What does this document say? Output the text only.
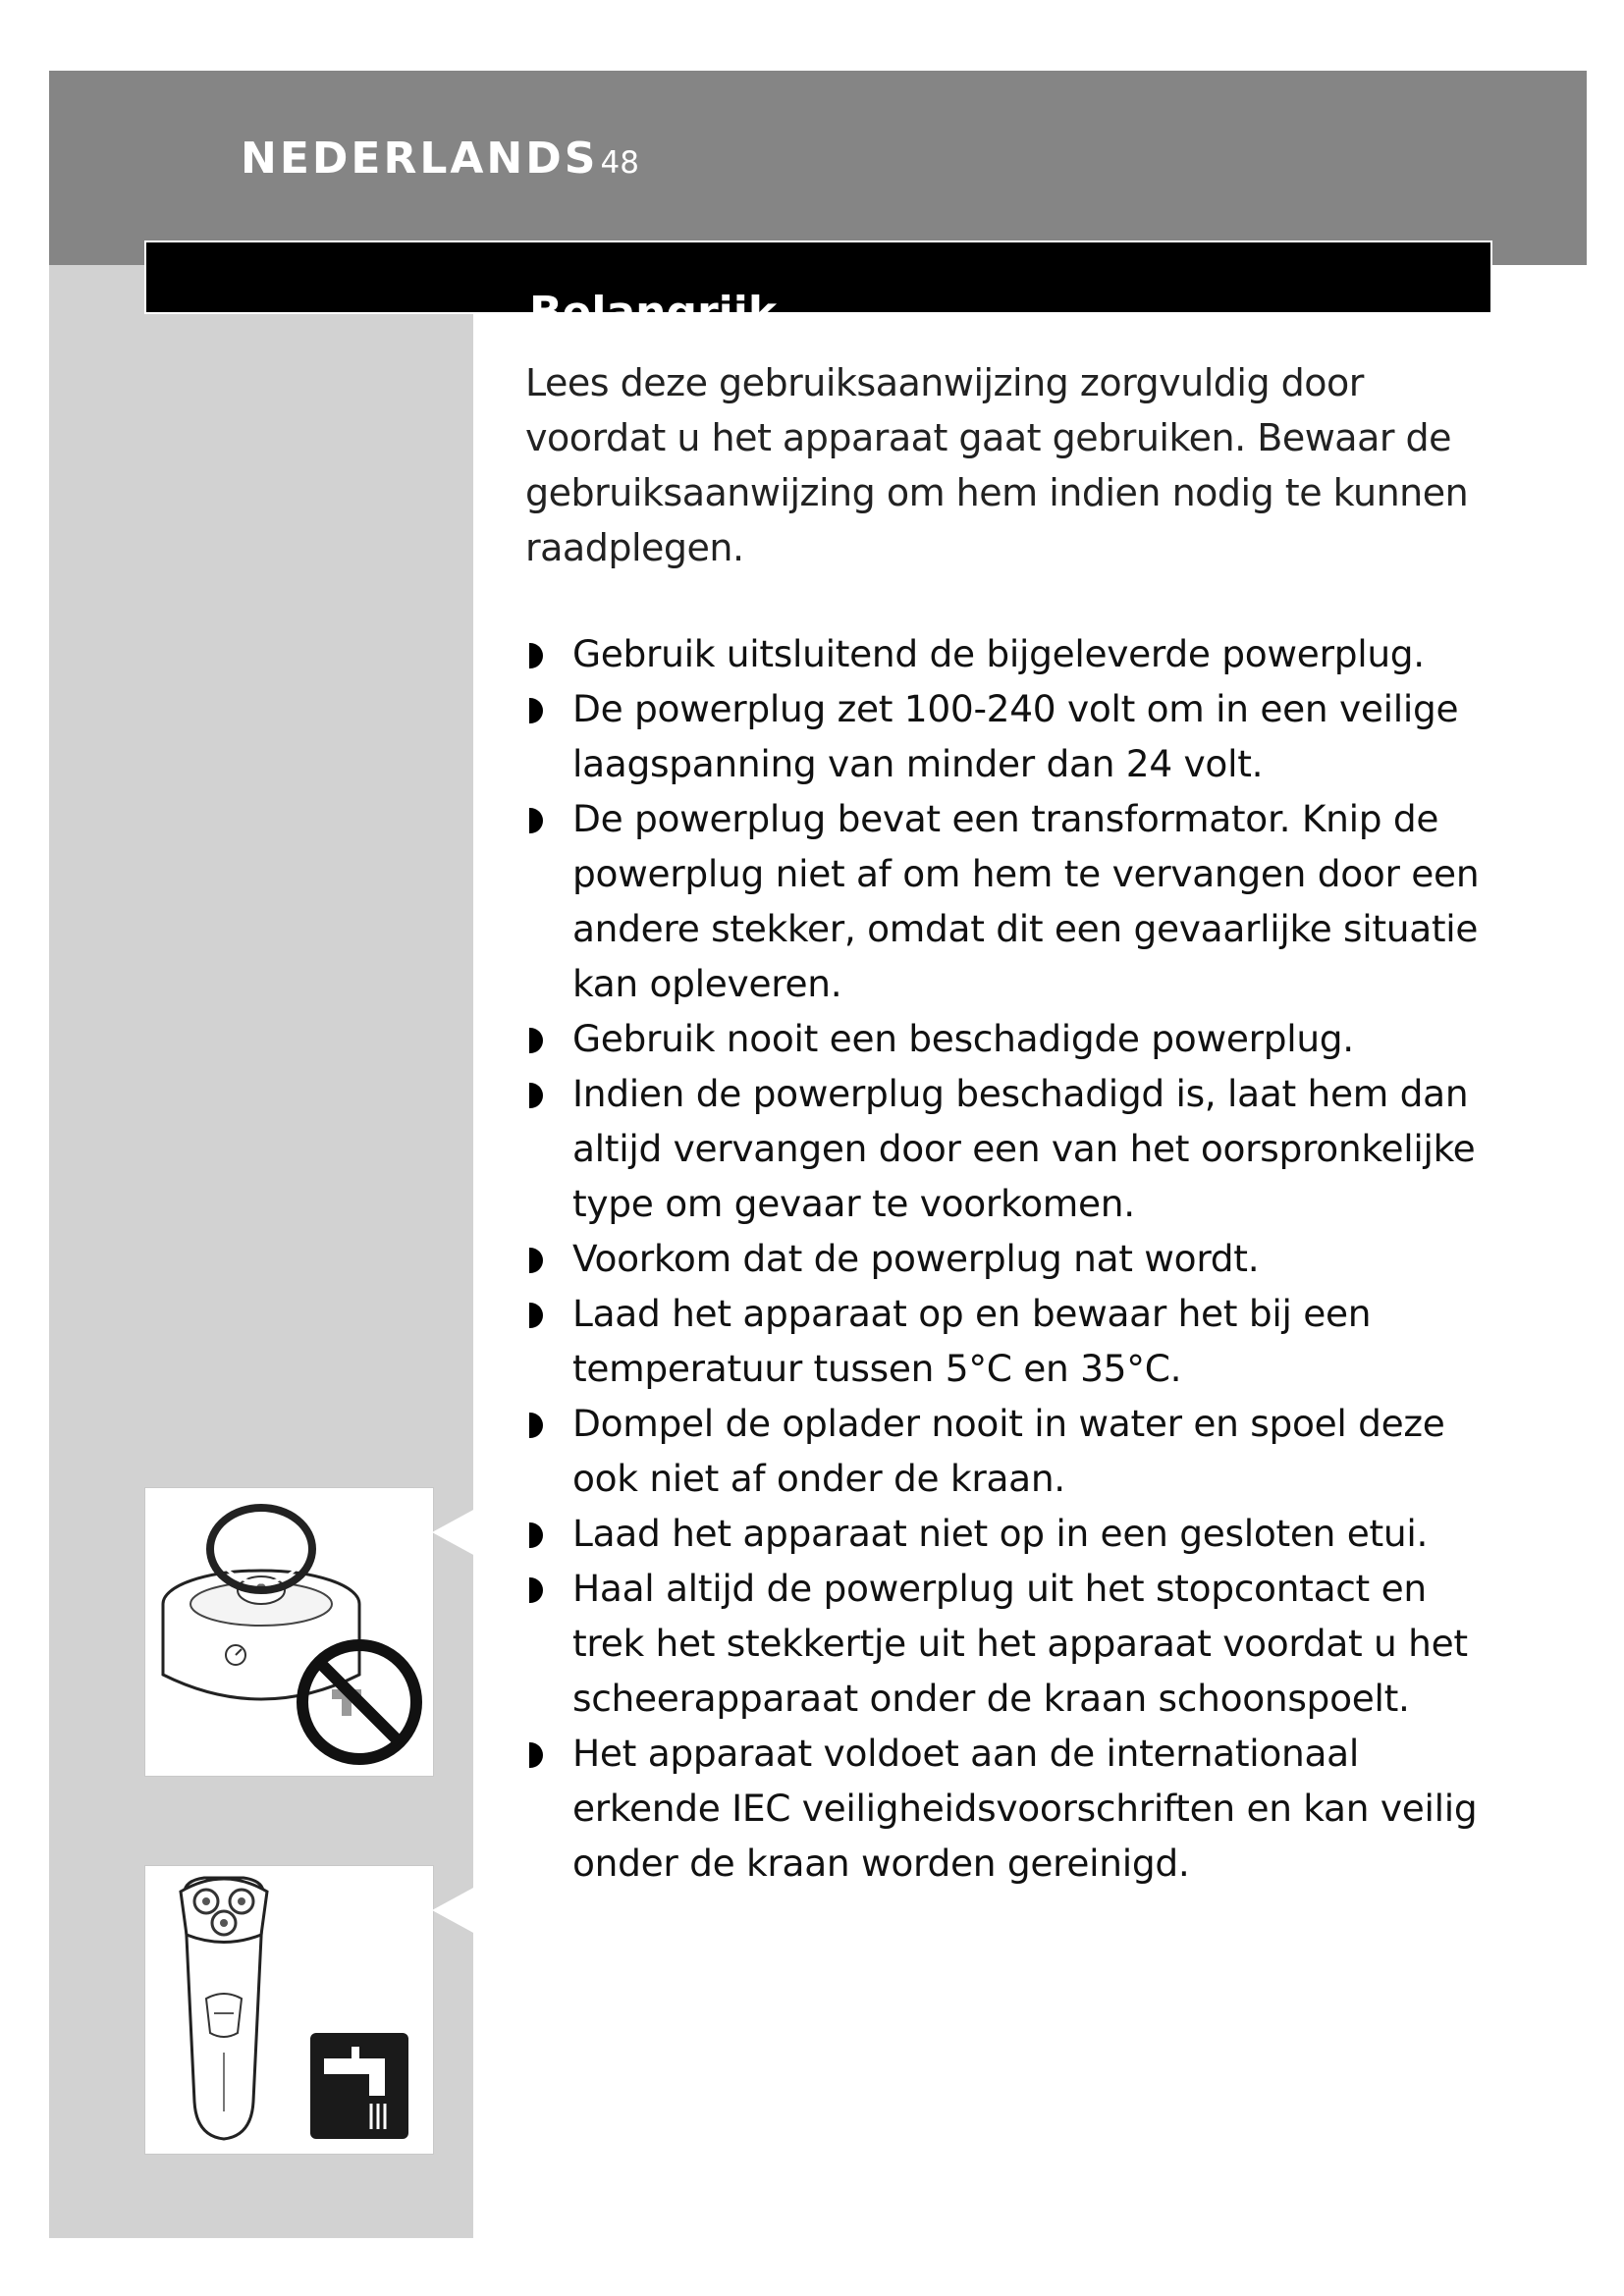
NEDERLANDS48
Belangrijk

Lees deze gebruiksaanwijzing zorgvuldig door voordat u het apparaat gaat gebruiken. Bewaar de gebruiksaanwijzing om hem indien nodig te kunnen raadplegen.

Gebruik uitsluitend de bijgeleverde powerplug.
De powerplug zet 100-240 volt om in een veilige laagspanning van minder dan 24 volt.
De powerplug bevat een transformator. Knip de powerplug niet af om hem te vervangen door een andere stekker, omdat dit een gevaarlijke situatie kan opleveren.
Gebruik nooit een beschadigde powerplug.
Indien de powerplug beschadigd is, laat hem dan altijd vervangen door een van het oorspronkelijke type om gevaar te voorkomen.
Voorkom dat de powerplug nat wordt.
Laad het apparaat op en bewaar het bij een temperatuur tussen 5°C en 35°C.
Dompel de oplader nooit in water en spoel deze ook niet af onder de kraan.
Laad het apparaat niet op in een gesloten etui.
Haal altijd de powerplug uit het stopcontact en trek het stekkertje uit het apparaat voordat u het scheerapparaat onder de kraan schoonspoelt.
Het apparaat voldoet aan de internationaal erkende IEC veiligheidsvoorschriften en kan veilig onder de kraan worden gereinigd.
